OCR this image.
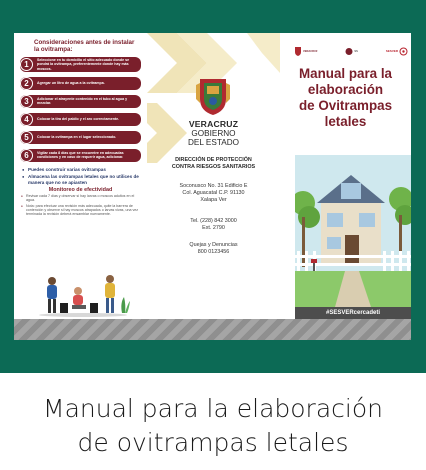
Consideraciones antes de instalar la ovitrampa:
1	Seleccione en tu domicilio el sitio adecuado donde se pondrá la ovitrampa, preferentemente donde hay más moscos.
2	Agregar un litro de agua a la ovitrampa.
3	Adicionar el atrayente contenido en el tubo al agua y mezclar.
4	Colocar la tira del pabilo y el aro correctamente.
5	Colocar la ovitrampa en el lugar seleccionado.
6	Vigilar cada 8 días que se encuentre en adecuadas condiciones y en caso de requerir agua, adicionar.
● Puedes construir varias ovitrampas
● Almacena las ovitrampas letales que no utilices de manera que no se apiasten
Monitoreo de efectividad
● Revisar cada 7 días y observar si hay larvas o moscos adultos en el agua.
● Nota: para efectuar una revisión más adecuada, quite la barrera de contención y observe si hay moscos atrapados o larvas vivas, una vez terminada la revisión deberá ensamblar nuevamente.
VERACRUZ
GOBIERNO
DEL ESTADO
DIRECCIÓN DE PROTECCIÓN
CONTRA RIESGOS SANITARIOS
Soconusco No. 31 Edificio E
Col. Aguacatal C.P. 91130
Xalapa Ver
Tel. (228) 842 3000
Ext. 2790
Quejas y Denuncias
800 0123456
VERACRUZ	SS	SESVER
Manual para la
elaboración
de Ovitrampas
letales
#SESVERcercadeti
Manual para la elaboración
de ovitrampas letales
